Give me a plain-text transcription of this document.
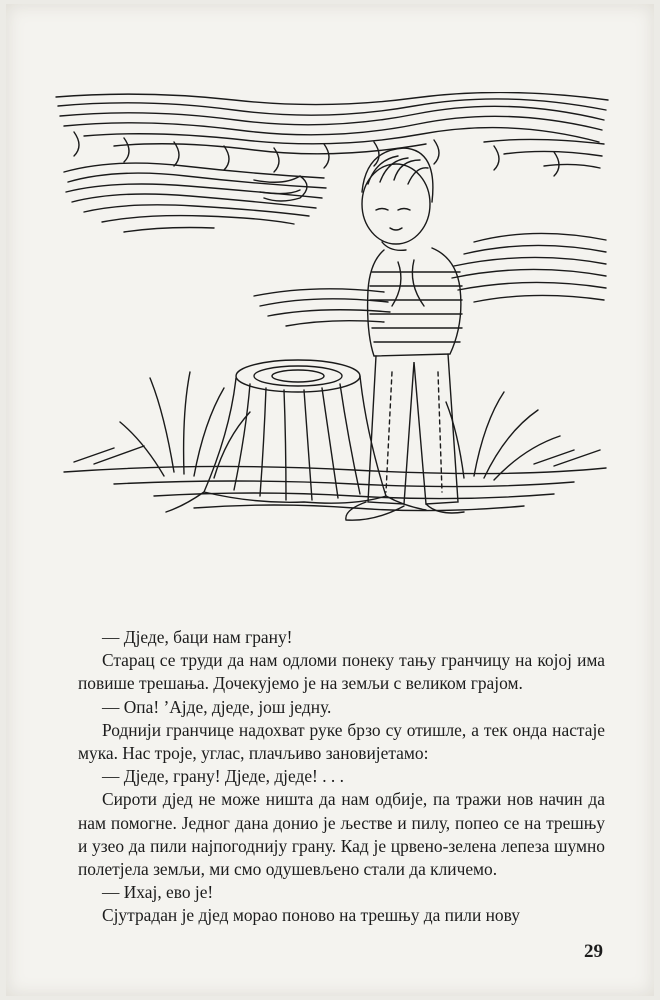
— Дједе, баци нам грану!

Старац се труди да нам одломи понеку тању гранчицу на којој има повише трешања. Дочекујемо је на земљи с великом грајом.

— Опа! ’Ајде, дједе, још једну.

Роднији гранчице надохват руке брзо су отишле, а тек онда настаје мука. Нас троје, углас, плачљиво зановијетамо:

— Дједе, грану! Дједе, дједе! . . .

Сироти дјед не може ништа да нам одбије, па тражи нов начин да нам помогне. Једног дана донио је љестве и пилу, попео се на трешњу и узео да пили најпогоднију грану. Кад је црвено-зелена лепеза шумно полетјела земљи, ми смо одушевљено стали да кличемо.

— Ихај, ево је!

Сјутрадан је дјед морао поново на трешњу да пили нову

29
